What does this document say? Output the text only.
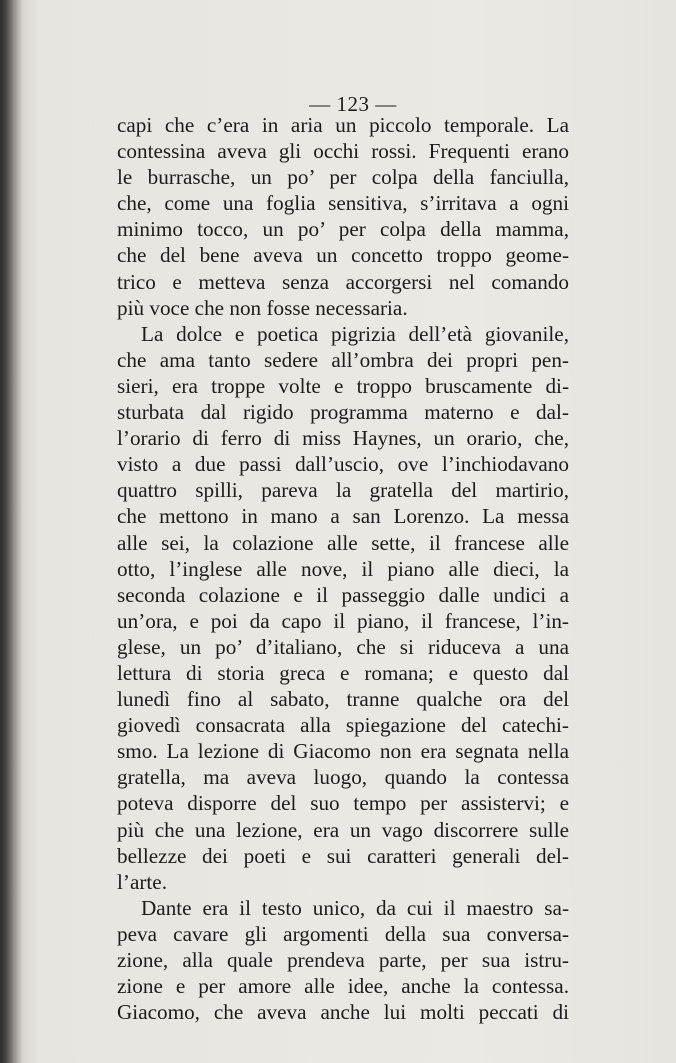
— 123 —
capi che c’era in aria un piccolo temporale. La
contessina aveva gli occhi rossi. Frequenti erano
le burrasche, un po’ per colpa della fanciulla,
che, come una foglia sensitiva, s’irritava a ogni
minimo tocco, un po’ per colpa della mamma,
che del bene aveva un concetto troppo geome-
trico e metteva senza accorgersi nel comando
più voce che non fosse necessaria.
La dolce e poetica pigrizia dell’età giovanile,
che ama tanto sedere all’ombra dei propri pen-
sieri, era troppe volte e troppo bruscamente di-
sturbata dal rigido programma materno e dal-
l’orario di ferro di miss Haynes, un orario, che,
visto a due passi dall’uscio, ove l’inchiodavano
quattro spilli, pareva la gratella del martirio,
che mettono in mano a san Lorenzo. La messa
alle sei, la colazione alle sette, il francese alle
otto, l’inglese alle nove, il piano alle dieci, la
seconda colazione e il passeggio dalle undici a
un’ora, e poi da capo il piano, il francese, l’in-
glese, un po’ d’italiano, che si riduceva a una
lettura di storia greca e romana; e questo dal
lunedì fino al sabato, tranne qualche ora del
giovedì consacrata alla spiegazione del catechi-
smo. La lezione di Giacomo non era segnata nella
gratella, ma aveva luogo, quando la contessa
poteva disporre del suo tempo per assistervi; e
più che una lezione, era un vago discorrere sulle
bellezze dei poeti e sui caratteri generali del-
l’arte.
Dante era il testo unico, da cui il maestro sa-
peva cavare gli argomenti della sua conversa-
zione, alla quale prendeva parte, per sua istru-
zione e per amore alle idee, anche la contessa.
Giacomo, che aveva anche lui molti peccati di
